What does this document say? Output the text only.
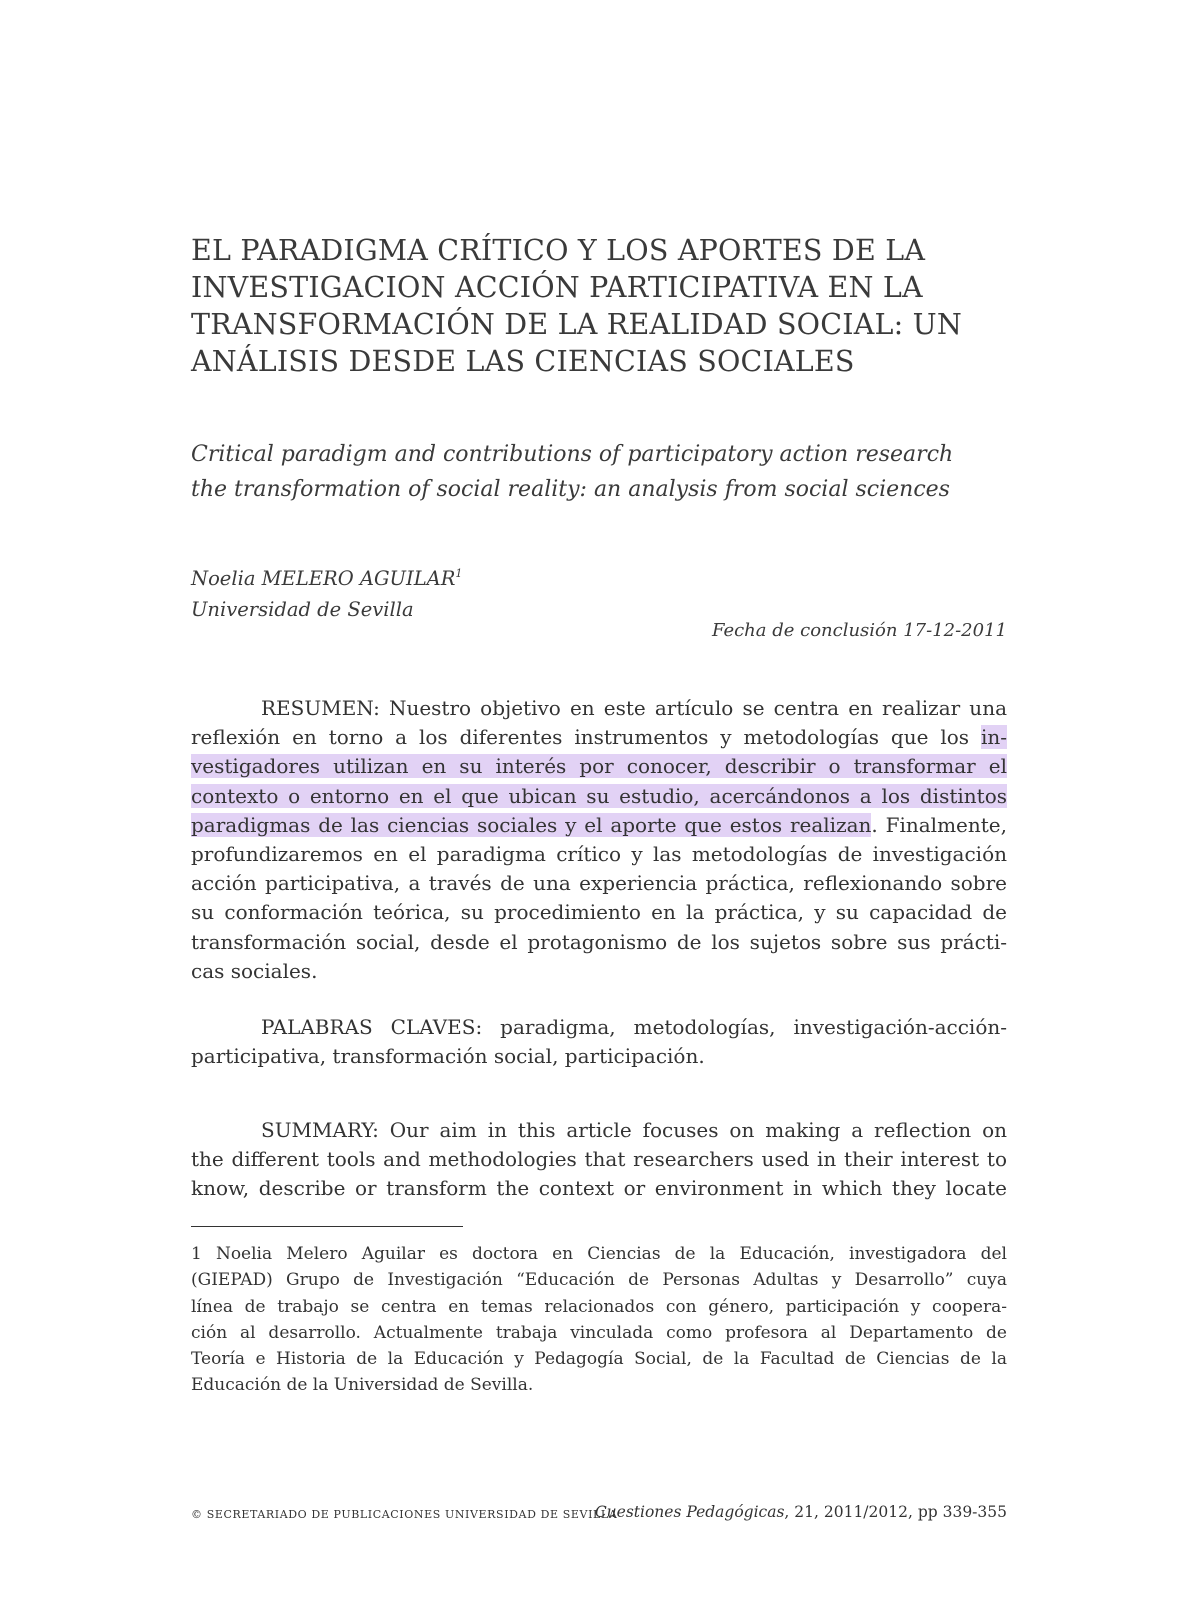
EL PARADIGMA CRÍTICO Y LOS APORTES DE LA
INVESTIGACION ACCIÓN PARTICIPATIVA EN LA
TRANSFORMACIÓN DE LA REALIDAD SOCIAL: UN
ANÁLISIS DESDE LAS CIENCIAS SOCIALES
Critical paradigm and contributions of participatory action research
the transformation of social reality: an analysis from social sciences
Noelia MELERO AGUILAR$^1$
Universidad de Sevilla
Fecha de conclusión 17-12-2011

RESUMEN: Nuestro objetivo en este artículo se centra en realizar una
reflexión en torno a los diferentes instrumentos y metodologías que los in-
vestigadores utilizan en su interés por conocer, describir o transformar el
contexto o entorno en el que ubican su estudio, acercándonos a los distintos
paradigmas de las ciencias sociales y el aporte que estos realizan. Finalmente,
profundizaremos en el paradigma crítico y las metodologías de investigación
acción participativa, a través de una experiencia práctica, reflexionando sobre
su conformación teórica, su procedimiento en la práctica, y su capacidad de
transformación social, desde el protagonismo de los sujetos sobre sus prácti-
cas sociales.

PALABRAS CLAVES: paradigma, metodologías, investigación-acción-
participativa, transformación social, participación.

SUMMARY: Our aim in this article focuses on making a reflection on
the different tools and methodologies that researchers used in their interest to
know, describe or transform the context or environment in which they locate

1 Noelia Melero Aguilar es doctora en Ciencias de la Educación, investigadora del
(GIEPAD) Grupo de Investigación “Educación de Personas Adultas y Desarrollo” cuya
línea de trabajo se centra en temas relacionados con género, participación y coopera-
ción al desarrollo. Actualmente trabaja vinculada como profesora al Departamento de
Teoría e Historia de la Educación y Pedagogía Social, de la Facultad de Ciencias de la
Educación de la Universidad de Sevilla.

© SECRETARIADO DE PUBLICACIONES UNIVERSIDAD DE SEVILLA
Cuestiones Pedagógicas, 21, 2011/2012, pp 339-355
